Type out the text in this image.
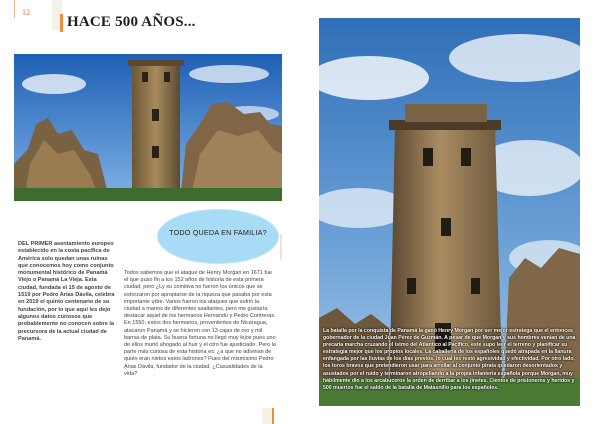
12
HACE 500 AÑOS...
TODO QUEDA EN FAMILIA?
DEL PRIMER asentamiento europeo establecido en la costa pacífica de América solo quedan unas ruinas que conocemos hoy como conjunto monumental histórico de Panamá Viejo o Panamá La Vieja. Esta ciudad, fundada el 15 de agosto de 1519 por Pedro Arias Dávila, celebra en 2019 el quinto centenario de su fundación, por lo que aquí les dejo algunos datos curiosos que probablemente no conocen sobre la precursora de la actual ciudad de Panamá.
Todos sabemos que el ataque de Henry Morgan en 1671 fue el que puso fin a los 152 años de historia de esta primera ciudad, pero ¿Ly su comitiva no fueron los únicos que se esforzaron por apropiarse de la riqueza que pasaba por esta importante urbe. Varios fueron los ataques que sufrió la ciudad a manos de diferentes asaltantes, pero me gustaría destacar aquel de los hermanos Hernando y Pedro Contreras. En 1550, estos dos hermanos, provenientes de Nicaragua, atacaron Panamá y se hicieron con 13 cajas de oro y mil barras de plata. Su buena fortuna no llegó muy lejos pues uno de ellos murió ahogado al huir y el otro fue ajusticiado. Pero la parte más curiosa de esta historia es: ¿a que no adivinan de quién eran nietos estos ladrones? Pues del mismísimo Pedro Arias Dávila, fundador de la ciudad. ¿Casualidades de la vida?
La batalla por la conquista de Panamá la ganó Henry Morgan por ser mejor estratega que el entonces gobernador de la ciudad Juan Pérez de Guzmán. A pesar de que Morgan y sus hombres venían de una precaria marcha cruzando el istmo del Atlántico al Pacífico, este supo leer el terreno y planificar su estrategia mejor que los propios locales. La caballería de los españoles quedó atrapada en la llanura enfangada por las lluvias de los días previos, lo cual les restó agresividad y efectividad. Por otro lado, los toros bravos que pretendieron usar para arrollar al conjunto pirata quedaron desorientados y asustados por el ruido y terminaron atropellando a la propia infantería española porque Morgan, muy hábilmente dio a los arcabuceros la orden de derribar a los jinetes. Cientos de prisioneros y heridos y 500 muertos fue el saldo de la batalla de Matasnillo para los españoles.
